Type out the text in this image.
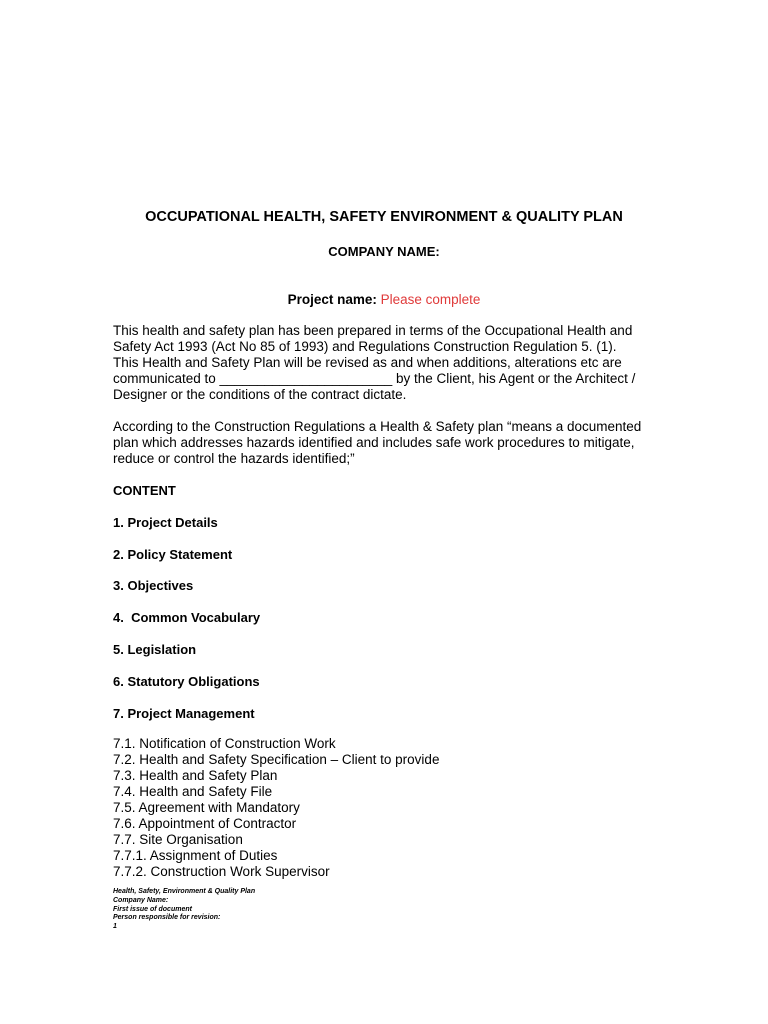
OCCUPATIONAL HEALTH, SAFETY ENVIRONMENT & QUALITY PLAN
COMPANY NAME:
Project name: Please complete
This health and safety plan has been prepared in terms of the Occupational Health and
Safety Act 1993 (Act No 85 of 1993) and Regulations Construction Regulation 5. (1).
This Health and Safety Plan will be revised as and when additions, alterations etc are
communicated to _______________________ by the Client, his Agent or the Architect /
Designer or the conditions of the contract dictate.
According to the Construction Regulations a Health & Safety plan “means a documented
plan which addresses hazards identified and includes safe work procedures to mitigate,
reduce or control the hazards identified;”
CONTENT
1. Project Details
2. Policy Statement
3. Objectives
4.  Common Vocabulary
5. Legislation
6. Statutory Obligations
7. Project Management
7.1. Notification of Construction Work
7.2. Health and Safety Specification – Client to provide
7.3. Health and Safety Plan
7.4. Health and Safety File
7.5. Agreement with Mandatory
7.6. Appointment of Contractor
7.7. Site Organisation
7.7.1. Assignment of Duties
7.7.2. Construction Work Supervisor
Health, Safety, Environment & Quality Plan
Company Name:
First issue of document
Person responsible for revision:
1
